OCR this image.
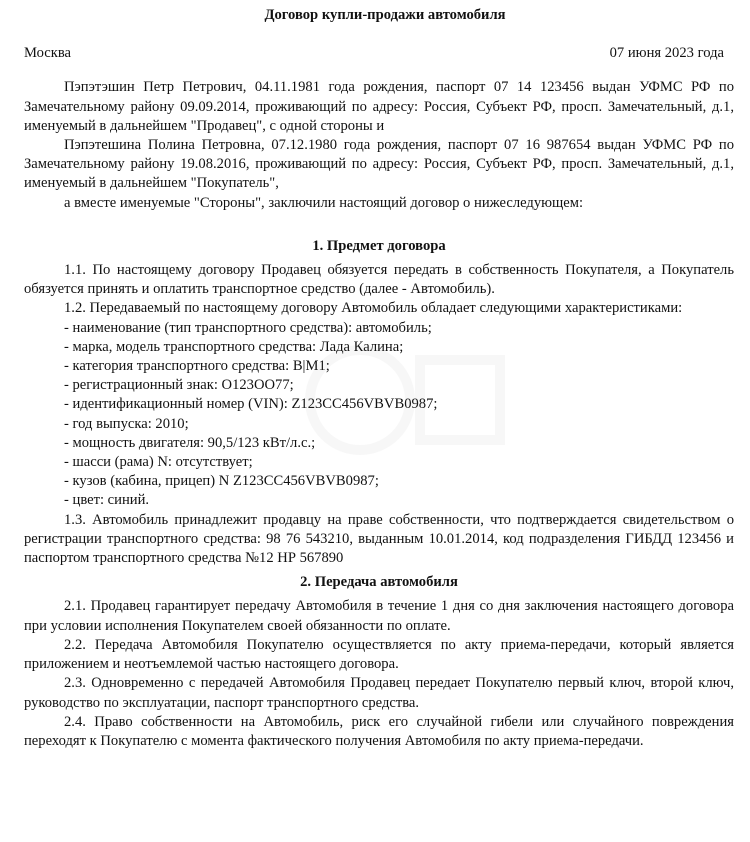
Договор купли-продажи автомобиля
Москва	07 июня 2023 года

Пэпэтэшин Петр Петрович, 04.11.1981 года рождения, паспорт 07 14 123456 выдан УФМС РФ по Замечательному району 09.09.2014, проживающий по адресу: Россия, Субъект РФ, просп. Замечательный, д.1, именуемый в дальнейшем "Продавец", с одной стороны и

Пэпэтешина Полина Петровна, 07.12.1980 года рождения, паспорт 07 16 987654 выдан УФМС РФ по Замечательному району 19.08.2016, проживающий по адресу: Россия, Субъект РФ, просп. Замечательный, д.1, именуемый в дальнейшем "Покупатель",

а вместе именуемые "Стороны", заключили настоящий договор о нижеследующем:

1. Предмет договора

1.1. По настоящему договору Продавец обязуется передать в собственность Покупателя, а Покупатель обязуется принять и оплатить транспортное средство (далее - Автомобиль).

1.2. Передаваемый по настоящему договору Автомобиль обладает следующими характеристиками:

- наименование (тип транспортного средства): автомобиль;

- марка, модель транспортного средства: Лада Калина;

- категория транспортного средства: В|М1;

- регистрационный знак: О123ОО77;

- идентификационный номер (VIN): Z123CC456VBVB0987;

- год выпуска: 2010;

- мощность двигателя: 90,5/123 кВт/л.с.;

- шасси (рама) N: отсутствует;

- кузов (кабина, прицеп) N Z123CC456VBVB0987;

- цвет: синий.

1.3. Автомобиль принадлежит продавцу на праве собственности, что подтверждается свидетельством о регистрации транспортного средства: 98 76 543210, выданным 10.01.2014, код подразделения ГИБДД 123456 и паспортом транспортного средства №12 НР 567890

2. Передача автомобиля

2.1. Продавец гарантирует передачу Автомобиля в течение 1 дня со дня заключения настоящего договора при условии исполнения Покупателем своей обязанности по оплате.

2.2. Передача Автомобиля Покупателю осуществляется по акту приема-передачи, который является приложением и неотъемлемой частью настоящего договора.

2.3. Одновременно с передачей Автомобиля Продавец передает Покупателю первый ключ, второй ключ, руководство по эксплуатации, паспорт транспортного средства.

2.4. Право собственности на Автомобиль, риск его случайной гибели или случайного повреждения переходят к Покупателю с момента фактического получения Автомобиля по акту приема-передачи.
